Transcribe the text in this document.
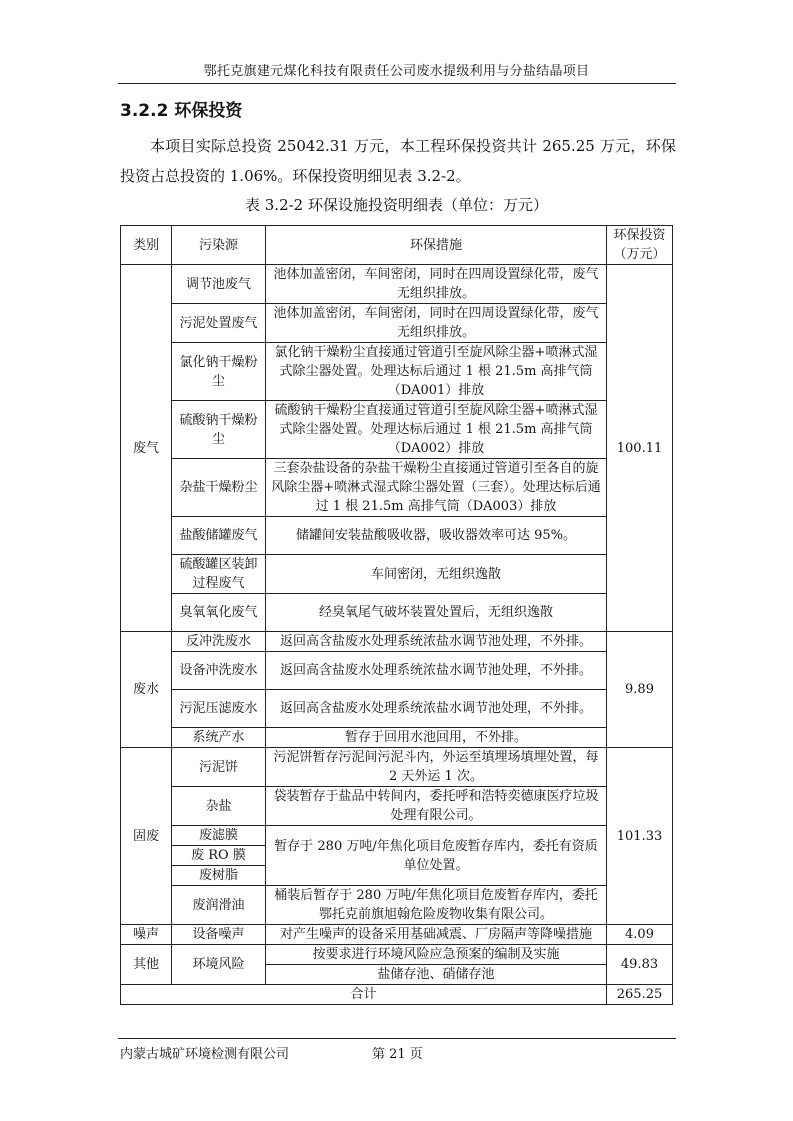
鄂托克旗建元煤化科技有限责任公司废水提级利用与分盐结晶项目
3.2.2 环保投资
本项目实际总投资 25042.31 万元，本工程环保投资共计 265.25 万元，环保投资占总投资的 1.06%。环保投资明细见表 3.2-2。
表 3.2-2 环保设施投资明细表（单位：万元）
类别	污染源	环保措施	环保投资（万元）
废气	调节池废气	池体加盖密闭，车间密闭，同时在四周设置绿化带，废气无组织排放。	100.11
	污泥处置废气	池体加盖密闭，车间密闭，同时在四周设置绿化带，废气无组织排放。	
	氯化钠干燥粉尘	氯化钠干燥粉尘直接通过管道引至旋风除尘器+喷淋式湿式除尘器处置。处理达标后通过 1 根 21.5m 高排气筒（DA001）排放	
	硫酸钠干燥粉尘	硫酸钠干燥粉尘直接通过管道引至旋风除尘器+喷淋式湿式除尘器处置。处理达标后通过 1 根 21.5m 高排气筒（DA002）排放	
	杂盐干燥粉尘	三套杂盐设备的杂盐干燥粉尘直接通过管道引至各自的旋风除尘器+喷淋式湿式除尘器处置（三套）。处理达标后通过 1 根 21.5m 高排气筒（DA003）排放	
	盐酸储罐废气	储罐间安装盐酸吸收器，吸收器效率可达 95%。	
	硫酸罐区装卸过程废气	车间密闭，无组织逸散	
	臭氧氧化废气	经臭氧尾气破坏装置处置后，无组织逸散	
废水	反冲洗废水	返回高含盐废水处理系统浓盐水调节池处理，不外排。	9.89
	设备冲洗废水	返回高含盐废水处理系统浓盐水调节池处理，不外排。	
	污泥压滤废水	返回高含盐废水处理系统浓盐水调节池处理，不外排。	
	系统产水	暂存于回用水池回用，不外排。	
固废	污泥饼	污泥饼暂存污泥间污泥斗内，外运至填埋场填埋处置，每 2 天外运 1 次。	101.33
	杂盐	袋装暂存于盐品中转间内，委托呼和浩特奕德康医疗垃圾处理有限公司。	
	废滤膜	暂存于 280 万吨/年焦化项目危废暂存库内，委托有资质单位处置。	
	废 RO 膜		
	废树脂		
	废润滑油	桶装后暂存于 280 万吨/年焦化项目危废暂存库内，委托鄂托克前旗旭翰危险废物收集有限公司。	
噪声	设备噪声	对产生噪声的设备采用基础减震、厂房隔声等降噪措施	4.09
其他	环境风险	按要求进行环境风险应急预案的编制及实施	49.83
		盐储存池、硝储存池	
合计			265.25
内蒙古城矿环境检测有限公司	第 21 页
